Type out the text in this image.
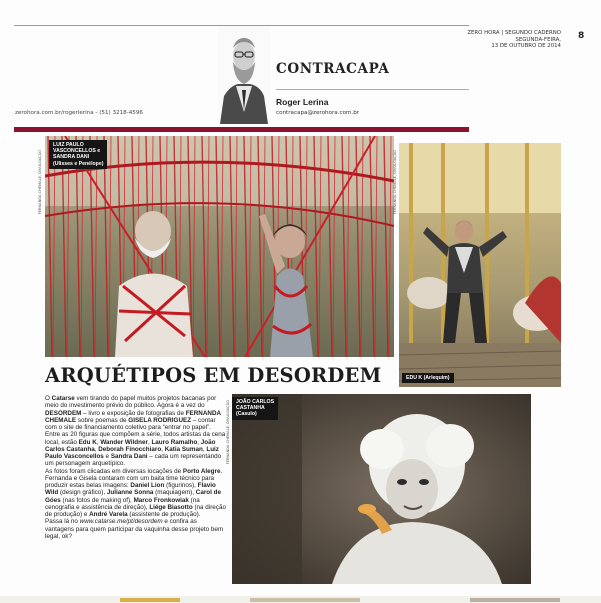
ZERO HORA | SEGUNDO CADERNO
SEGUNDA-FEIRA,
13 DE OUTUBRO DE 2014
8
CONTRACAPA
Roger Lerina
contracapa@zerohora.com.br
zerohora.com.br/rogerlerina - (51) 3218-4596
LUIZ PAULO
VASCONCELLOS e
SANDRA DANI
(Ulisses e Penélope)
FERNANDA CHEMALE, DIVULGAÇÃO
EDU K (Arlequim)
FERNANDA CHEMALE, DIVULGAÇÃO
ARQUÉTIPOS EM DESORDEM

O Catarse vem tirando do papel muitos projetos bacanas por meio do investimento prévio do público. Agora é a vez do DESORDEM – livro e exposição de fotografias de FERNANDA CHEMALE sobre poemas de GISELA RODRIGUEZ – contar com o site de financiamento coletivo para “entrar no papel”.

Entre as 20 figuras que compõem a série, todos artistas da cena local, estão Edu K, Wander Wildner, Lauro Ramalho, João Carlos Castanha, Deborah Finocchiaro, Katia Suman, Luiz Paulo Vasconcellos e Sandra Dani – cada um representando um personagem arquetípico.

As fotos foram clicadas em diversas locações de Porto Alegre. Fernanda e Gisela contaram com um baita time técnico para produzir estas belas imagens: Daniel Lion (figurinos), Flavio Wild (design gráfico), Julianne Sonna (maquiagem), Carol de Góes (nas fotos de making of), Marco Fronkowiak (na cenografia e assistência de direção), Liége Biasotto (na direção de produção) e André Varela (assistente de produção).

Passa lá no www.catarse.me/pt/desordem e confira as vantagens para quem participar da vaquinha desse projeto bem legal, ok?

JOÃO CARLOS
CASTANHA
(Casulo)
FERNANDA CHEMALE, DIVULGAÇÃO
